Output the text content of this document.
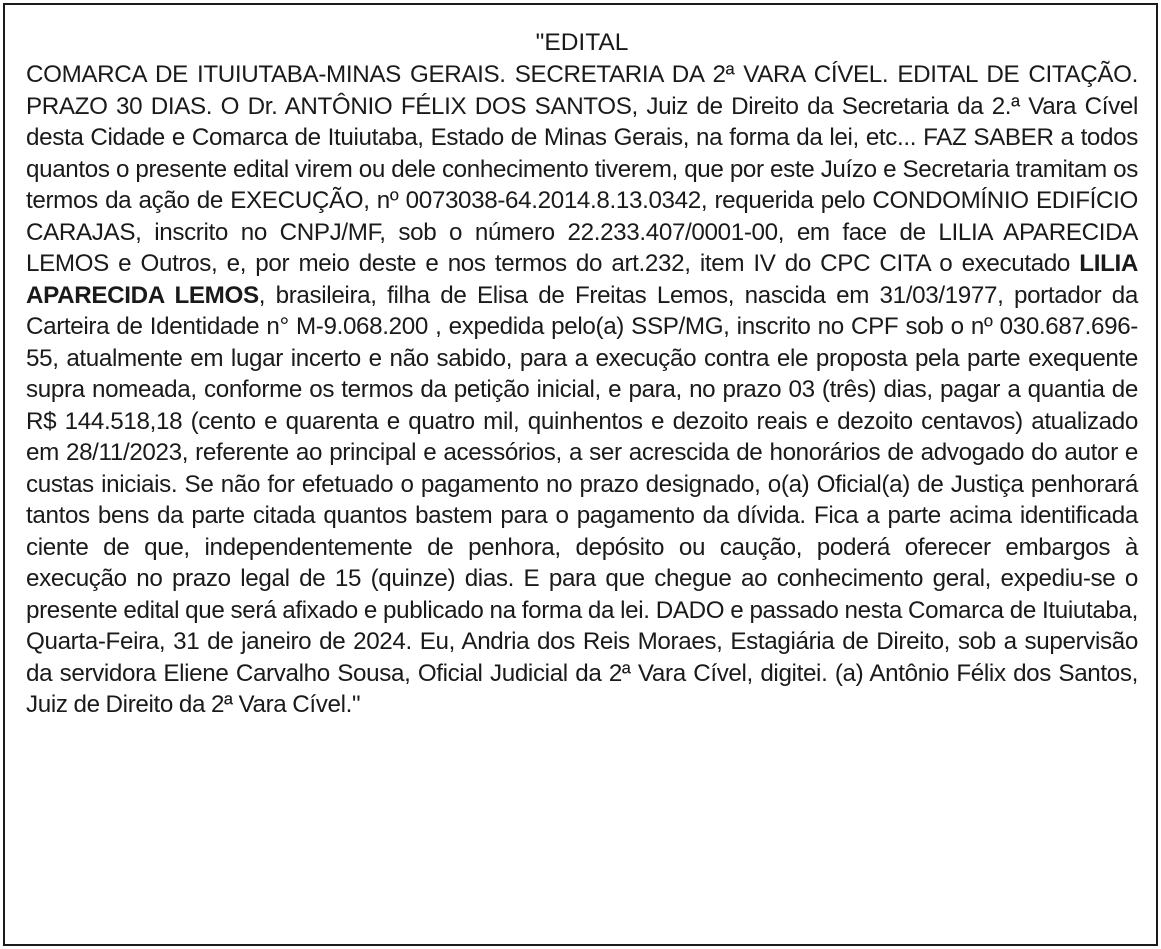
"EDITAL

COMARCA DE ITUIUTABA-MINAS GERAIS. SECRETARIA DA 2ª VARA CÍVEL. EDITAL DE CITAÇÃO. PRAZO 30 DIAS. O Dr. ANTÔNIO FÉLIX DOS SANTOS, Juiz de Direito da Secretaria da 2.ª Vara Cível desta Cidade e Comarca de Ituiutaba, Estado de Minas Gerais, na forma da lei, etc... FAZ SABER a todos quantos o presente edital virem ou dele conhecimento tiverem, que por este Juízo e Secretaria tramitam os termos da ação de EXECUÇÃO, nº 0073038-64.2014.8.13.0342, requerida pelo CONDOMÍNIO EDIFÍCIO CARAJAS, inscrito no CNPJ/MF, sob o número 22.233.407/0001-00, em face de LILIA APARECIDA LEMOS e Outros, e, por meio deste e nos termos do art.232, item IV do CPC CITA o executado LILIA APARECIDA LEMOS, brasileira, filha de Elisa de Freitas Lemos, nascida em 31/03/1977, portador da Carteira de Identidade n° M-9.068.200 , expedida pelo(a) SSP/MG, inscrito no CPF sob o nº 030.687.696-55, atualmente em lugar incerto e não sabido, para a execução contra ele proposta pela parte exequente supra nomeada, conforme os termos da petição inicial, e para, no prazo 03 (três) dias, pagar a quantia de R$ 144.518,18 (cento e quarenta e quatro mil, quinhentos e dezoito reais e dezoito centavos) atualizado em 28/11/2023, referente ao principal e acessórios, a ser acrescida de honorários de advogado do autor e custas iniciais. Se não for efetuado o pagamento no prazo designado, o(a) Oficial(a) de Justiça penhorará tantos bens da parte citada quantos bastem para o pagamento da dívida. Fica a parte acima identificada ciente de que, independentemente de penhora, depósito ou caução, poderá oferecer embargos à execução no prazo legal de 15 (quinze) dias. E para que chegue ao conhecimento geral, expediu-se o presente edital que será afixado e publicado na forma da lei. DADO e passado nesta Comarca de Ituiutaba, Quarta-Feira, 31 de janeiro de 2024. Eu, Andria dos Reis Moraes, Estagiária de Direito, sob a supervisão da servidora Eliene Carvalho Sousa, Oficial Judicial da 2ª Vara Cível, digitei. (a) Antônio Félix dos Santos, Juiz de Direito da 2ª Vara Cível."
